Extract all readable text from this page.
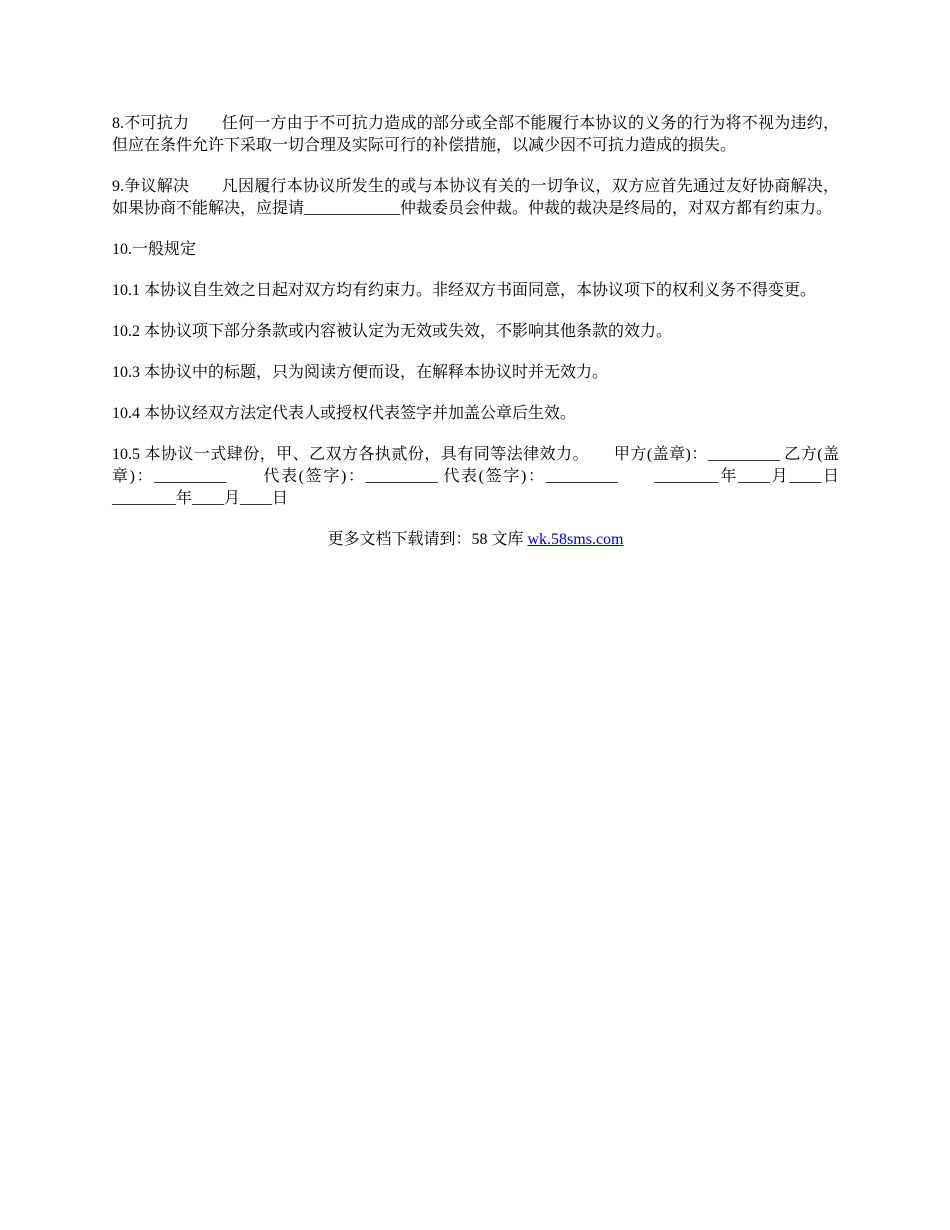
8.不可抗力　　任何一方由于不可抗力造成的部分或全部不能履行本协议的义务的行为将不视为违约，但应在条件允许下采取一切合理及实际可行的补偿措施，以减少因不可抗力造成的损失。

9.争议解决　　凡因履行本协议所发生的或与本协议有关的一切争议，双方应首先通过友好协商解决，如果协商不能解决，应提请____________仲裁委员会仲裁。仲裁的裁决是终局的，对双方都有约束力。

10.一般规定

10.1 本协议自生效之日起对双方均有约束力。非经双方书面同意，本协议项下的权利义务不得变更。

10.2 本协议项下部分条款或内容被认定为无效或失效，不影响其他条款的效力。

10.3 本协议中的标题，只为阅读方便而设，在解释本协议时并无效力。

10.4 本协议经双方法定代表人或授权代表签字并加盖公章后生效。

10.5 本协议一式肆份，甲、乙双方各执贰份，具有同等法律效力。　　甲方(盖章)：_________ 乙方(盖章)：_________　　代表(签字)：_________ 代表(签字)：_________　　________年____月____日 ________年____月____日

更多文档下载请到：58 文库 wk.58sms.com
